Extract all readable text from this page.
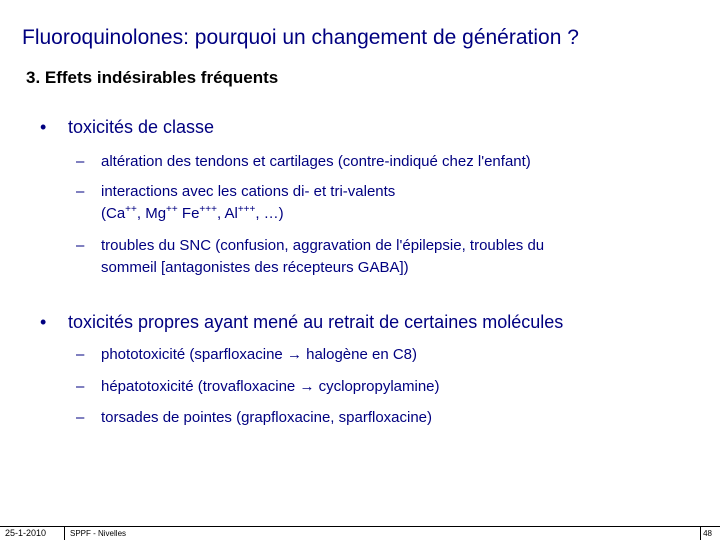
Fluoroquinolones: pourquoi un changement de génération ?
3. Effets indésirables fréquents
• toxicités de classe
– altération des tendons et cartilages (contre-indiqué chez l'enfant)
– interactions avec les cations di- et tri-valents
(Ca++, Mg++ Fe+++, Al+++, …)
– troubles du SNC (confusion, aggravation de l'épilepsie, troubles du
sommeil [antagonistes des récepteurs GABA])
• toxicités propres ayant mené au retrait de certaines molécules
– phototoxicité (sparfloxacine → halogène en C8)
– hépatotoxicité (trovafloxacine → cyclopropylamine)
– torsades de pointes (grapfloxacine, sparfloxacine)
25-1-2010	SPPF - Nivelles	48
